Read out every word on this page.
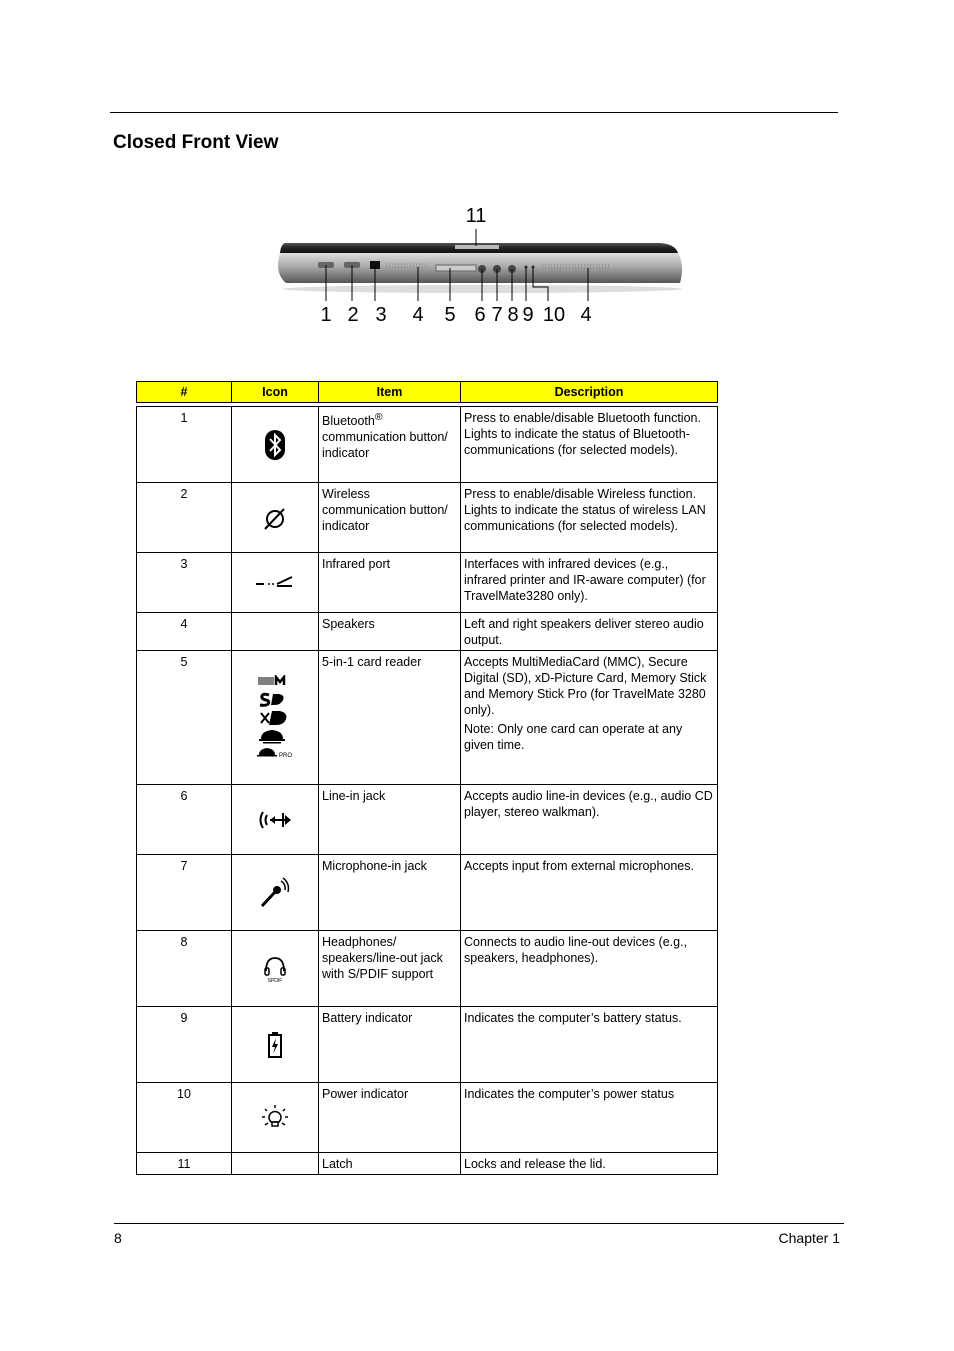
Closed Front View
11
1 2 3 4 5 6 7 8 9 10 4
#	Icon	Item	Description

1		Bluetooth® communication button/ indicator	Press to enable/disable Bluetooth function. Lights to indicate the status of Bluetooth-communications (for selected models).

2		Wireless communication button/ indicator	Press to enable/disable Wireless function. Lights to indicate the status of wireless LAN communications (for selected models).

3		Infrared port	Interfaces with infrared devices (e.g., infrared printer and IR-aware computer) (for TravelMate3280 only).

4		Speakers	Left and right speakers deliver stereo audio output.

5	PRO	5-in-1 card reader	Accepts MultiMediaCard (MMC), Secure Digital (SD), xD-Picture Card, Memory Stick and Memory Stick Pro (for TravelMate 3280 only).

Note: Only one card can operate at any given time.

6		Line-in jack	Accepts audio line-in devices (e.g., audio CD player, stereo walkman).

7		Microphone-in jack	Accepts input from external microphones.

8	SPDIF	Headphones/ speakers/line-out jack with S/PDIF support	Connects to audio line-out devices (e.g., speakers, headphones).

9		Battery indicator	Indicates the computer’s battery status.

10		Power indicator	Indicates the computer’s power status

11		Latch	Locks and release the lid.

8	Chapter 1
